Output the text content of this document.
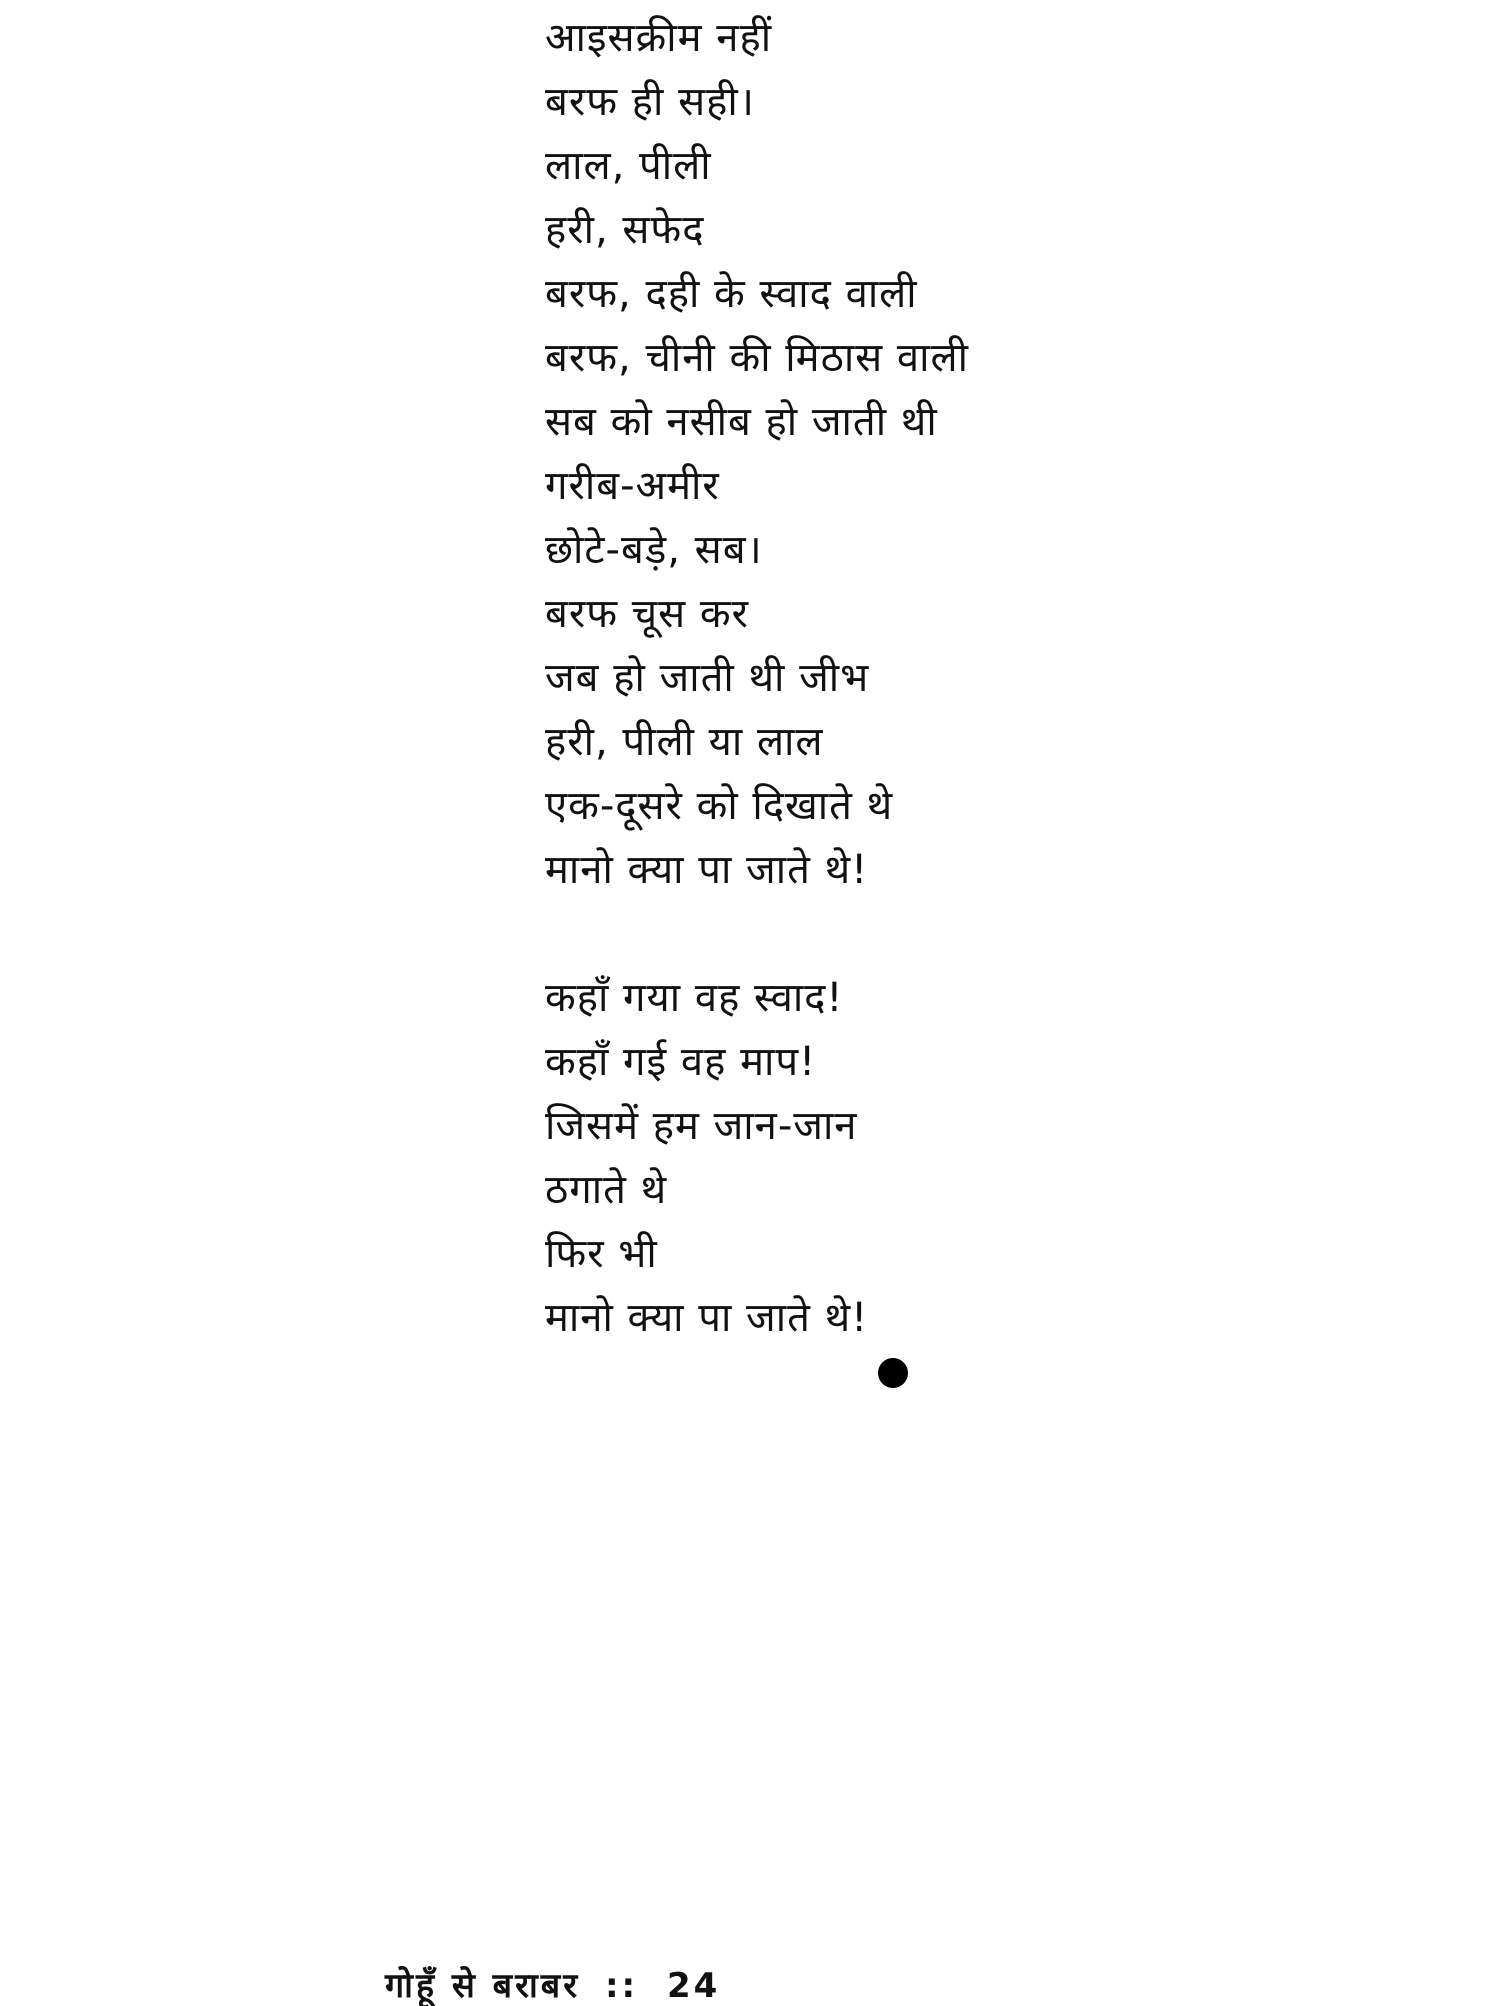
आइसक्रीम नहीं
बरफ ही सही।
लाल, पीली
हरी, सफेद
बरफ, दही के स्वाद वाली
बरफ, चीनी की मिठास वाली
सब को नसीब हो जाती थी
गरीब-अमीर
छोटे-बड़े, सब।
बरफ चूस कर
जब हो जाती थी जीभ
हरी, पीली या लाल
एक-दूसरे को दिखाते थे
मानो क्या पा जाते थे!
कहाँ गया वह स्वाद!
कहाँ गई वह माप!
जिसमें हम जान-जान
ठगाते थे
फिर भी
मानो क्या पा जाते थे!
गोहूँ से बराबर :: 24
